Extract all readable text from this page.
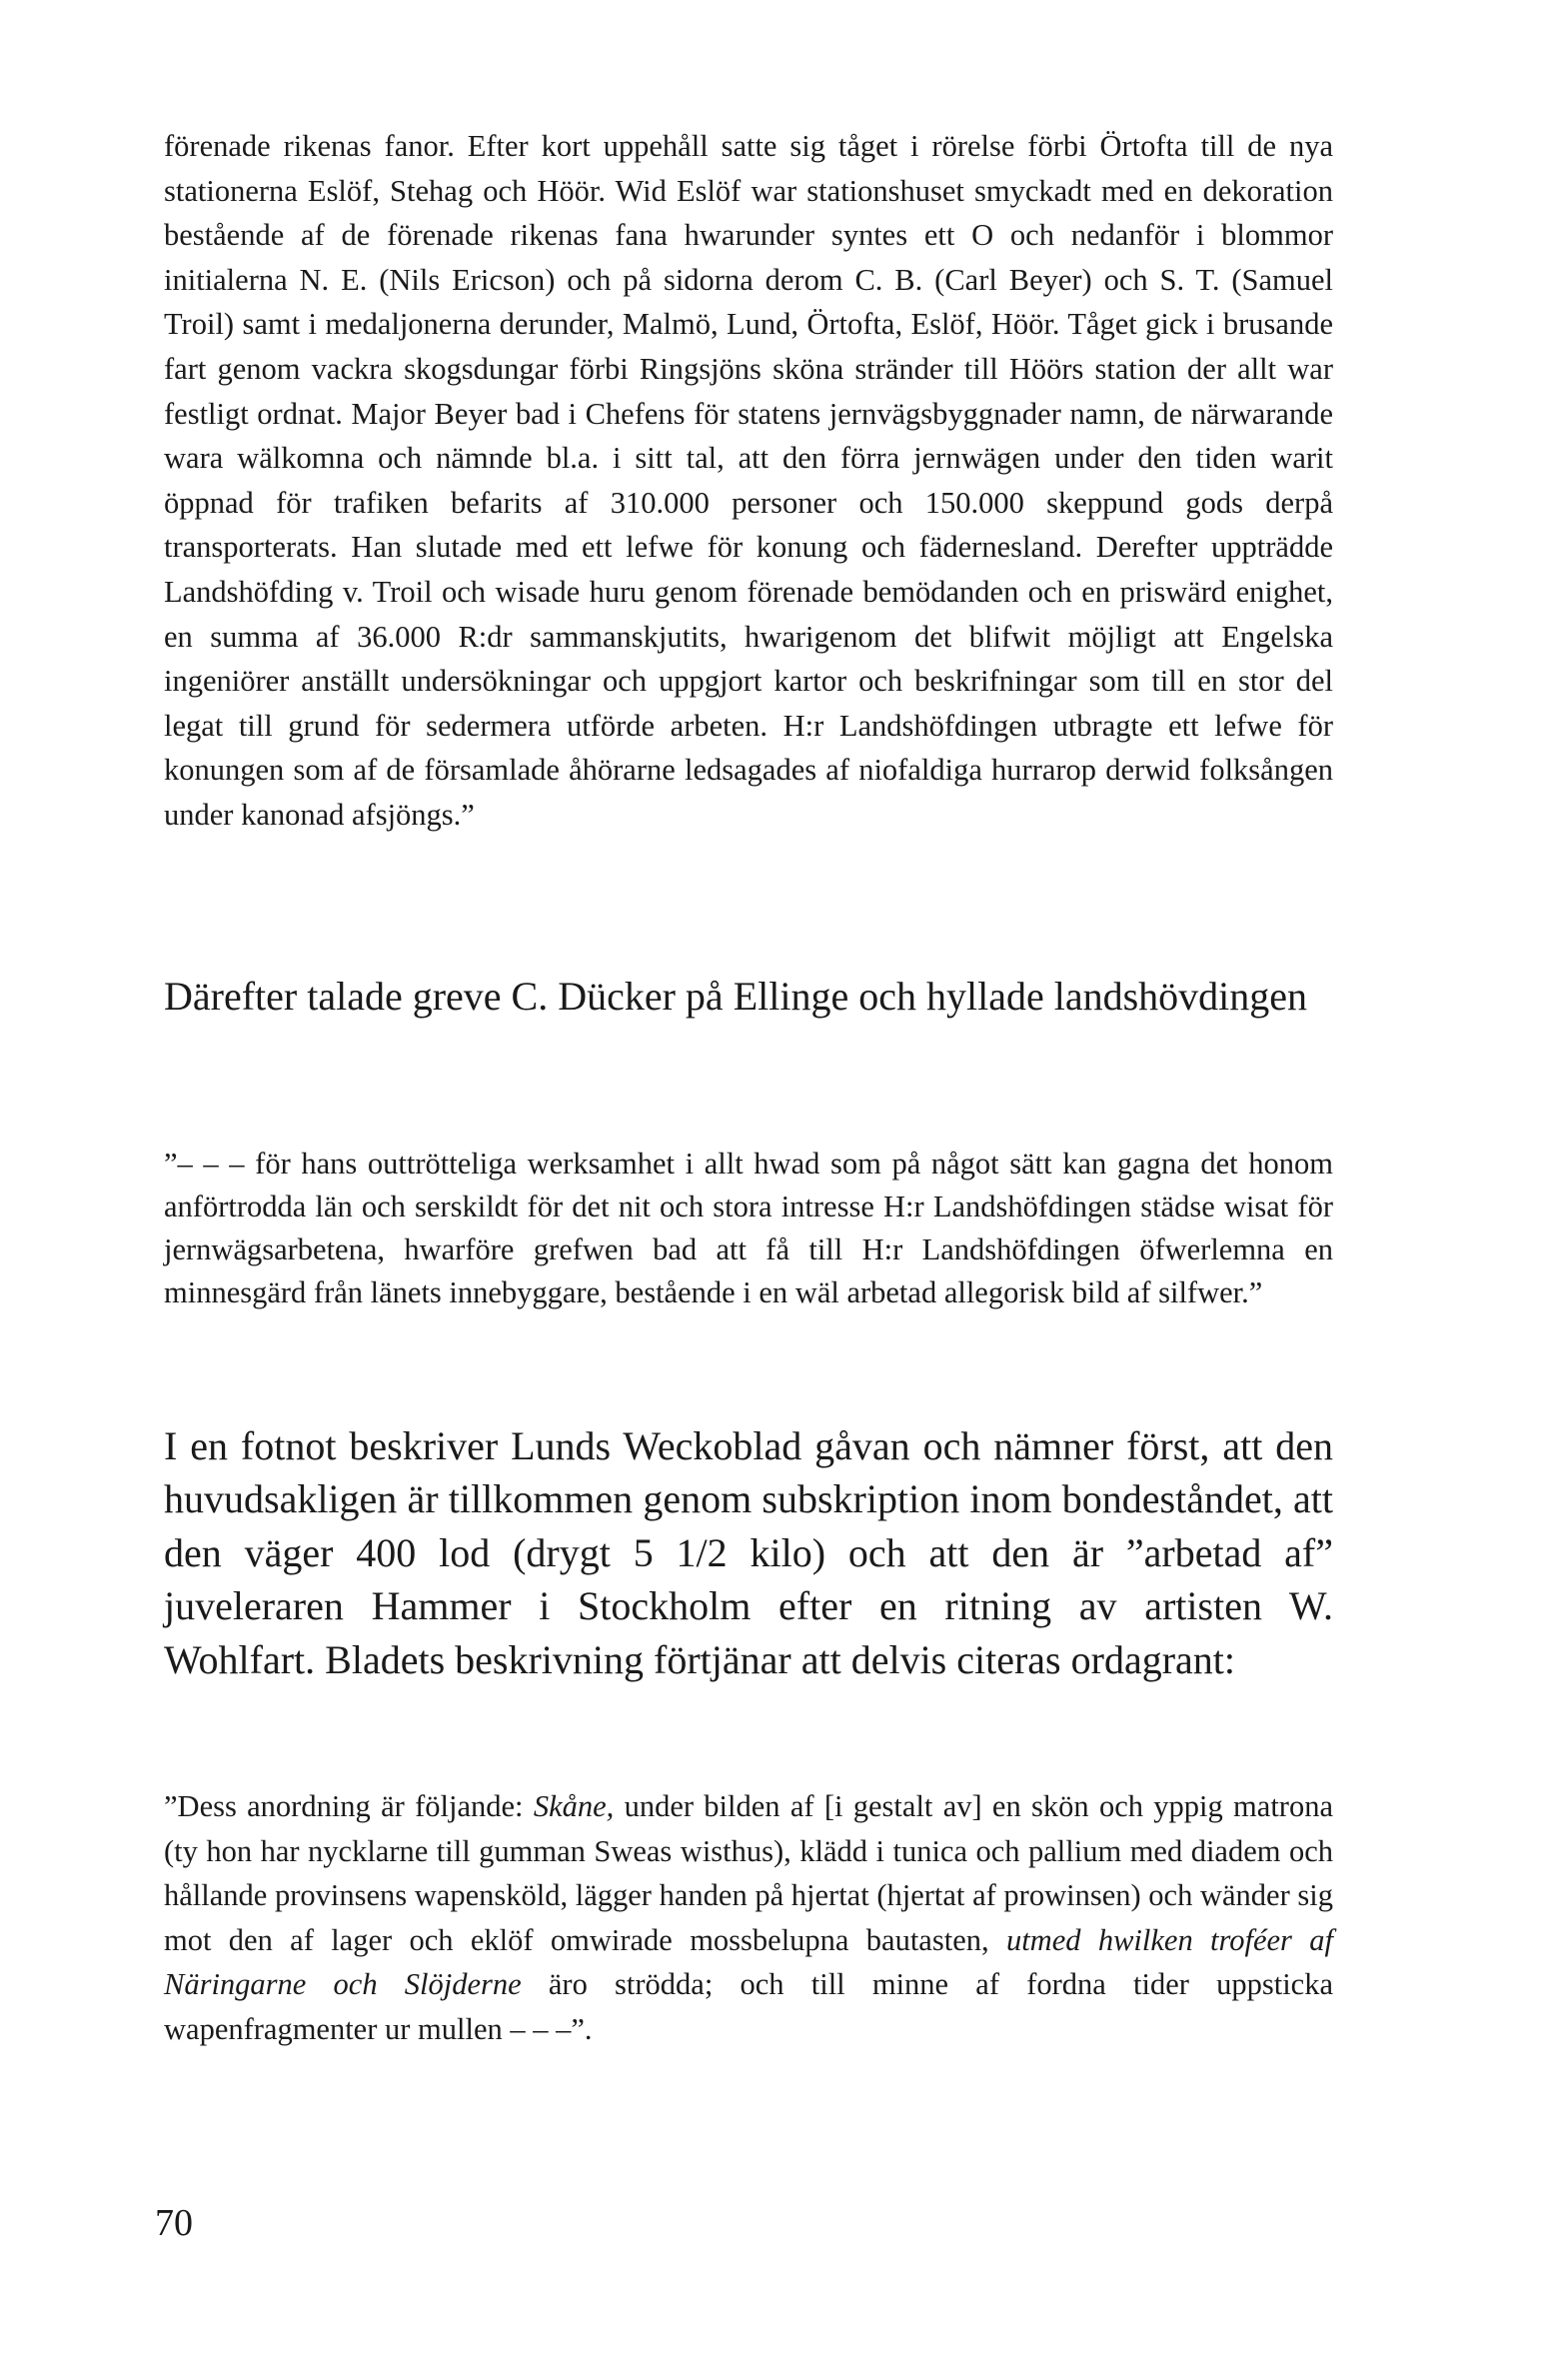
förenade rikenas fanor. Efter kort uppehåll satte sig tåget i rörelse förbi Örtofta till de nya stationerna Eslöf, Stehag och Höör. Wid Eslöf war stationshuset smyckadt med en dekoration bestående af de förenade rikenas fana hwarunder syntes ett O och nedanför i blommor initialerna N. E. (Nils Ericson) och på sidorna derom C. B. (Carl Beyer) och S. T. (Samuel Troil) samt i medaljonerna derunder, Malmö, Lund, Örtofta, Eslöf, Höör. Tåget gick i brusande fart genom vackra skogsdungar förbi Ringsjöns sköna stränder till Höörs station der allt war festligt ordnat. Major Beyer bad i Chefens för statens jernvägsbyggnader namn, de närwarande wara wälkomna och nämnde bl.a. i sitt tal, att den förra jernwägen under den tiden warit öppnad för trafiken befarits af 310.000 personer och 150.000 skeppund gods derpå transporterats. Han slutade med ett lefwe för konung och fäderneslаnd. Derefter uppträdde Landshöfding v. Troil och wisade huru genom förenade bemödanden och en priswärd enighet, en summa af 36.000 R:dr sammanskjutits, hwarigenom det blifwit möjligt att Engelska ingeniörer anställt undersökningar och uppgjort kartor och beskrifningar som till en stor del legat till grund för sedermera utförde arbeten. H:r Landshöfdingen utbragte ett lefwe för konungen som af de församlade åhörarne ledsagades af niofaldiga hurrarop derwid folksången under kanonad afsjöngs.”

Därefter talade greve C. Dücker på Ellinge och hyllade landshövdingen

”– – – för hans outtrötteliga werksamhet i allt hwad som på något sätt kan gagna det honom anförtrodda län och serskildt för det nit och stora intresse H:r Landshöfdingen städse wisat för jernwägsarbetena, hwarföre grefwen bad att få till H:r Landshöfdingen öfwerlemna en minnesgärd från länets innebyggare, bestående i en wäl arbetad allegorisk bild af silfwer.”

I en fotnot beskriver Lunds Weckoblad gåvan och nämner först, att den huvudsakligen är tillkommen genom subskription inom bondeståndet, att den väger 400 lod (drygt 5 1/2 kilo) och att den är ”arbetad af” juveleraren Hammer i Stockholm efter en ritning av artisten W. Wohlfart. Bladets beskrivning förtjänar att delvis citeras ordagrant:

”Dess anordning är följande: Skåne, under bilden af [i gestalt av] en skön och yppig matrona (ty hon har nycklarne till gumman Sweas wisthus), klädd i tunica och pallium med diadem och hållande provinsens wapensköld, lägger handen på hjertat (hjertat af prowinsen) och wänder sig mot den af lager och eklöf omwirade mossbelupna bautasten, utmed hwilken troféer af Näringarne och Slöjderne äro strödda; och till minne af fordna tider uppsticka wapenfragmenter ur mullen – – –”.

70
